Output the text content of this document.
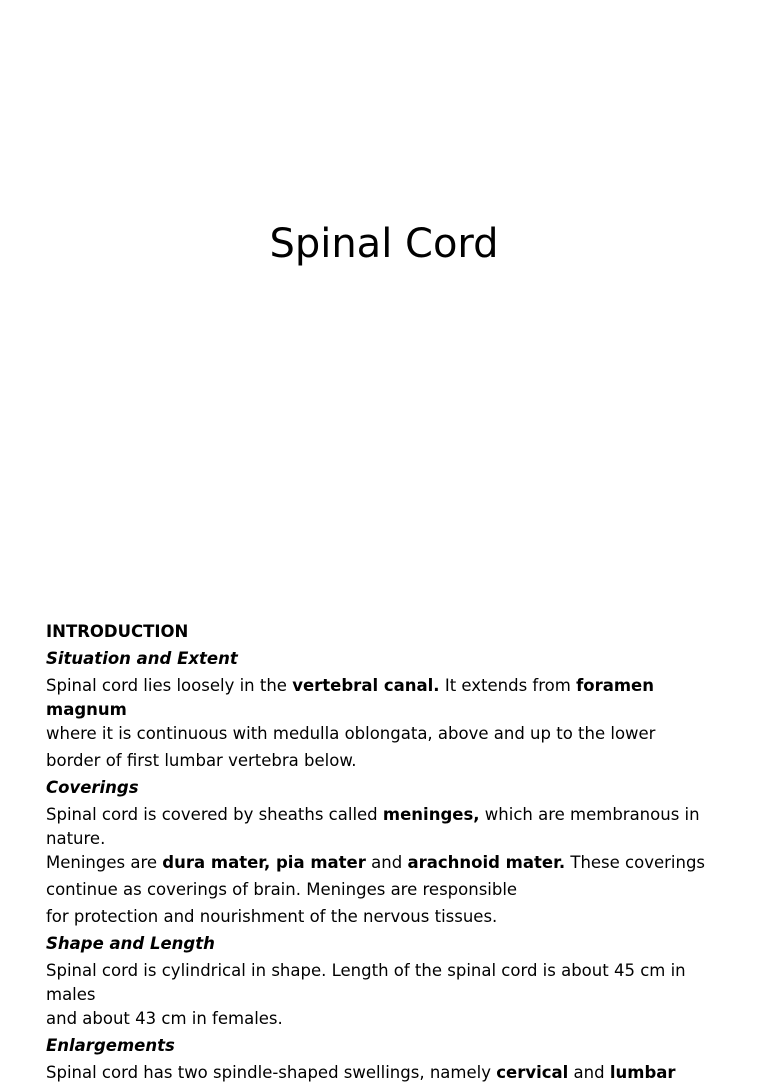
Spinal Cord

INTRODUCTION

Situation and Extent

Spinal cord lies loosely in the vertebral canal. It extends from foramen magnum

where it is continuous with medulla oblongata, above and up to the lower

border of first lumbar vertebra below.

Coverings

Spinal cord is covered by sheaths called meninges, which are membranous in nature.

Meninges are dura mater, pia mater and arachnoid mater. These coverings

continue as coverings of brain. Meninges are responsible

for protection and nourishment of the nervous tissues.

Shape and Length

Spinal cord is cylindrical in shape. Length of the spinal cord is about 45 cm in males

and about 43 cm in females.

Enlargements

Spinal cord has two spindle-shaped swellings, namely cervical and lumbar
